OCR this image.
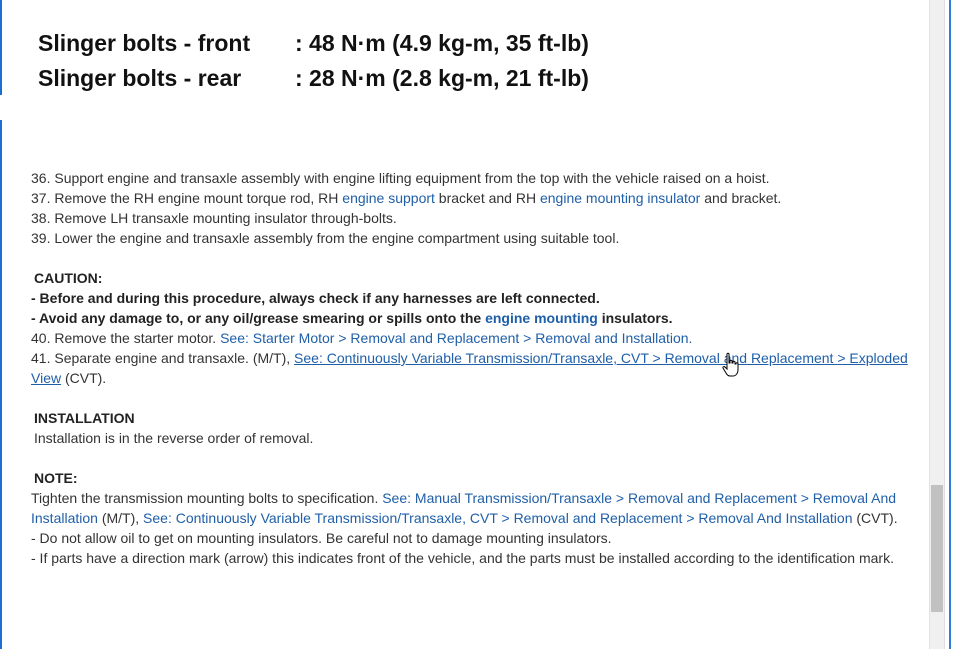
Slinger bolts - front	: 48 N·m (4.9 kg-m, 35 ft-lb)
Slinger bolts - rear	: 28 N·m (2.8 kg-m, 21 ft-lb)
36. Support engine and transaxle assembly with engine lifting equipment from the top with the vehicle raised on a hoist.
37. Remove the RH engine mount torque rod, RH engine support bracket and RH engine mounting insulator and bracket.
38. Remove LH transaxle mounting insulator through-bolts.
39. Lower the engine and transaxle assembly from the engine compartment using suitable tool.
CAUTION:
- Before and during this procedure, always check if any harnesses are left connected.
- Avoid any damage to, or any oil/grease smearing or spills onto the engine mounting insulators.
40. Remove the starter motor. See: Starter Motor > Removal and Replacement > Removal and Installation.
41. Separate engine and transaxle. (M/T), See: Continuously Variable Transmission/Transaxle, CVT > Removal and Replacement > Exploded View (CVT).
INSTALLATION
Installation is in the reverse order of removal.
NOTE:
Tighten the transmission mounting bolts to specification. See: Manual Transmission/Transaxle > Removal and Replacement > Removal And Installation (M/T), See: Continuously Variable Transmission/Transaxle, CVT > Removal and Replacement > Removal And Installation (CVT).
- Do not allow oil to get on mounting insulators. Be careful not to damage mounting insulators.
- If parts have a direction mark (arrow) this indicates front of the vehicle, and the parts must be installed according to the identification mark.
